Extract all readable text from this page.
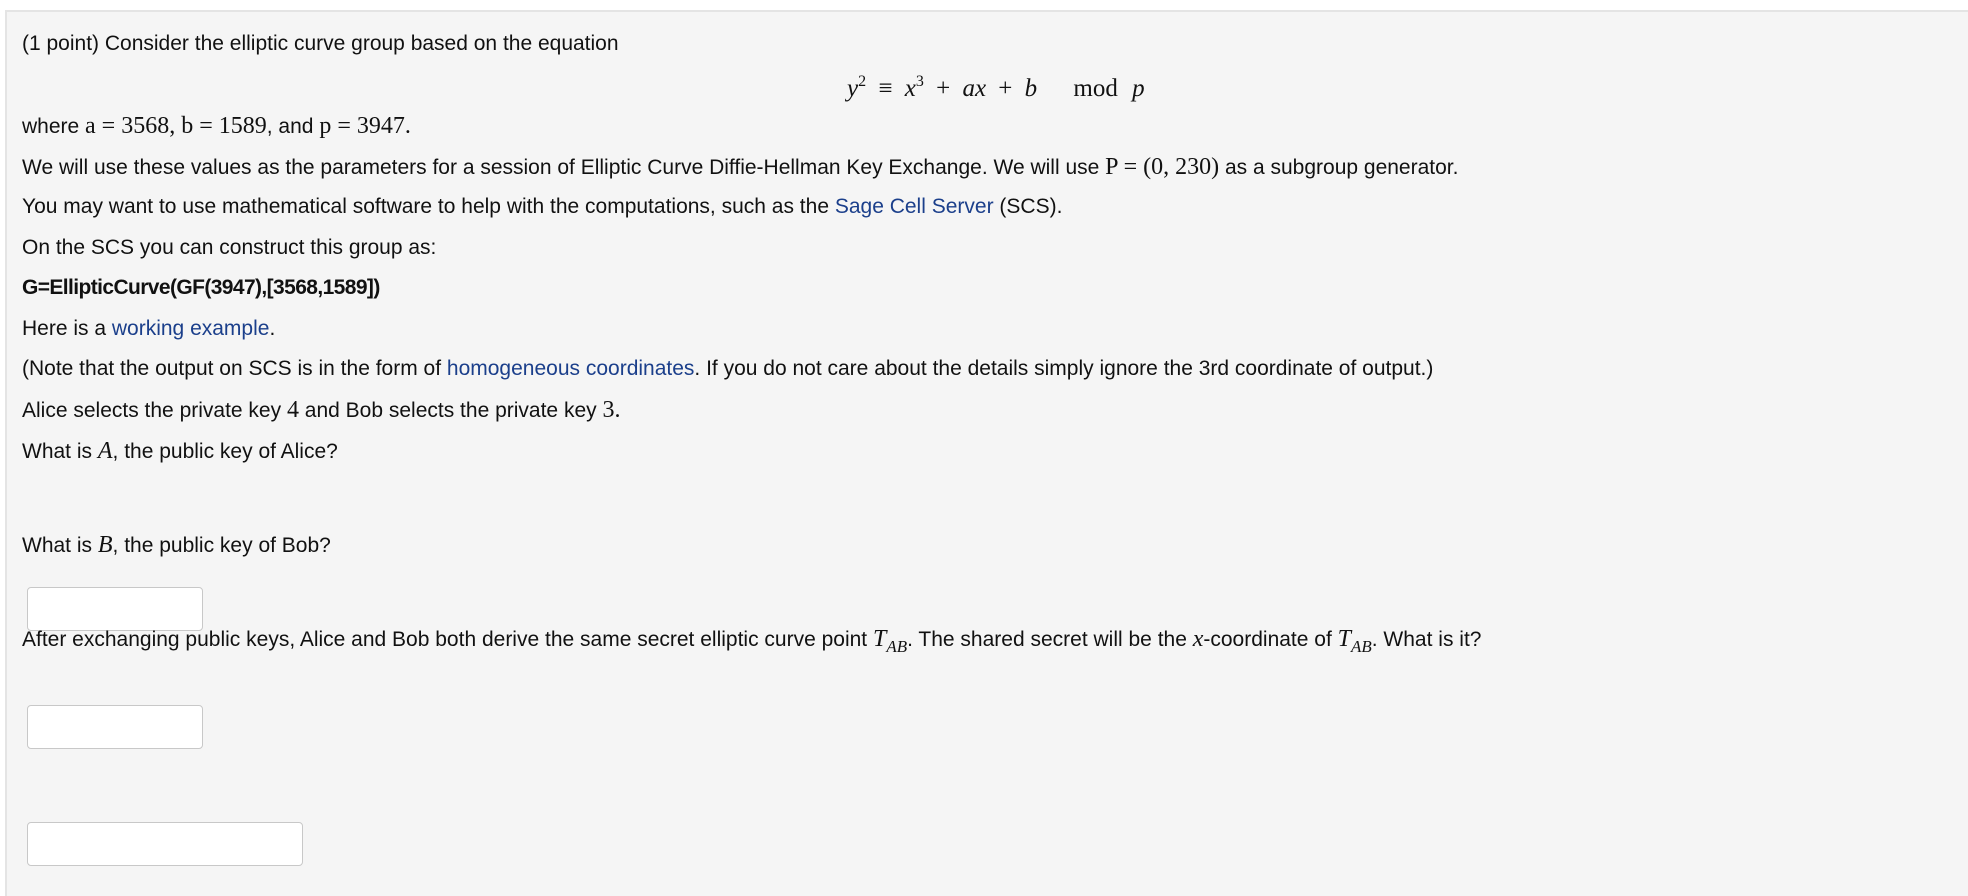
(1 point) Consider the elliptic curve group based on the equation
$y^2 \equiv x^3$ + ax + b mod p
where a = 3568, b = 1589, and p = 3947.
We will use these values as the parameters for a session of Elliptic Curve Diffie-Hellman Key Exchange. We will use P = (0, 230) as a subgroup generator.
You may want to use mathematical software to help with the computations, such as the Sage Cell Server (SCS).
On the SCS you can construct this group as:
G=EllipticCurve(GF(3947),[3568,1589])
Here is a working example.
(Note that the output on SCS is in the form of homogeneous coordinates. If you do not care about the details simply ignore the 3rd coordinate of output.)
Alice selects the private key 4 and Bob selects the private key 3.
What is A, the public key of Alice?
What is B, the public key of Bob?
After exchanging public keys, Alice and Bob both derive the same secret elliptic curve point $T_{AB}$. The shared secret will be the x-coordinate of $T_{AB}$. What is it?
